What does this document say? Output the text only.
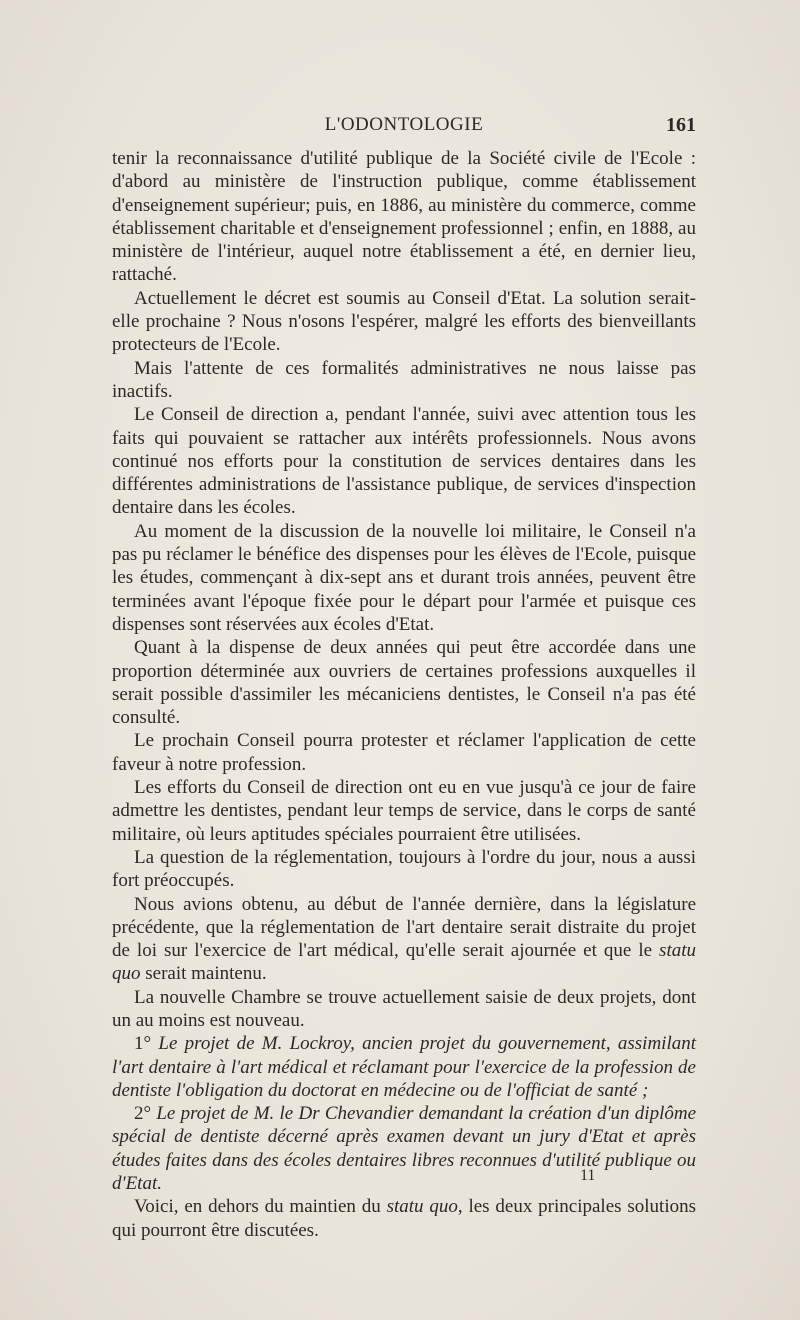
L'ODONTOLOGIE	161

tenir la reconnaissance d'utilité publique de la Société civile de l'Ecole : d'abord au ministère de l'instruction publique, comme établissement d'enseignement supérieur; puis, en 1886, au ministère du commerce, comme établissement charitable et d'enseignement professionnel ; enfin, en 1888, au ministère de l'intérieur, auquel notre établissement a été, en dernier lieu, rattaché.

Actuellement le décret est soumis au Conseil d'Etat. La solution serait-elle prochaine ? Nous n'osons l'espérer, malgré les efforts des bienveillants protecteurs de l'Ecole.

Mais l'attente de ces formalités administratives ne nous laisse pas inactifs.

Le Conseil de direction a, pendant l'année, suivi avec attention tous les faits qui pouvaient se rattacher aux intérêts professionnels. Nous avons continué nos efforts pour la constitution de services dentaires dans les différentes administrations de l'assistance publique, de services d'inspection dentaire dans les écoles.

Au moment de la discussion de la nouvelle loi militaire, le Conseil n'a pas pu réclamer le bénéfice des dispenses pour les élèves de l'Ecole, puisque les études, commençant à dix-sept ans et durant trois années, peuvent être terminées avant l'époque fixée pour le départ pour l'armée et puisque ces dispenses sont réservées aux écoles d'Etat.

Quant à la dispense de deux années qui peut être accordée dans une proportion déterminée aux ouvriers de certaines professions auxquelles il serait possible d'assimiler les mécaniciens dentistes, le Conseil n'a pas été consulté.

Le prochain Conseil pourra protester et réclamer l'application de cette faveur à notre profession.

Les efforts du Conseil de direction ont eu en vue jusqu'à ce jour de faire admettre les dentistes, pendant leur temps de service, dans le corps de santé militaire, où leurs aptitudes spéciales pourraient être utilisées.

La question de la réglementation, toujours à l'ordre du jour, nous a aussi fort préoccupés.

Nous avions obtenu, au début de l'année dernière, dans la législature précédente, que la réglementation de l'art dentaire serait distraite du projet de loi sur l'exercice de l'art médical, qu'elle serait ajournée et que le statu quo serait maintenu.

La nouvelle Chambre se trouve actuellement saisie de deux projets, dont un au moins est nouveau.

1° Le projet de M. Lockroy, ancien projet du gouvernement, assimilant l'art dentaire à l'art médical et réclamant pour l'exercice de la profession de dentiste l'obligation du doctorat en médecine ou de l'officiat de santé ;

2° Le projet de M. le Dr Chevandier demandant la création d'un diplôme spécial de dentiste décerné après examen devant un jury d'Etat et après études faites dans des écoles dentaires libres reconnues d'utilité publique ou d'Etat.

Voici, en dehors du maintien du statu quo, les deux principales solutions qui pourront être discutées.

11
